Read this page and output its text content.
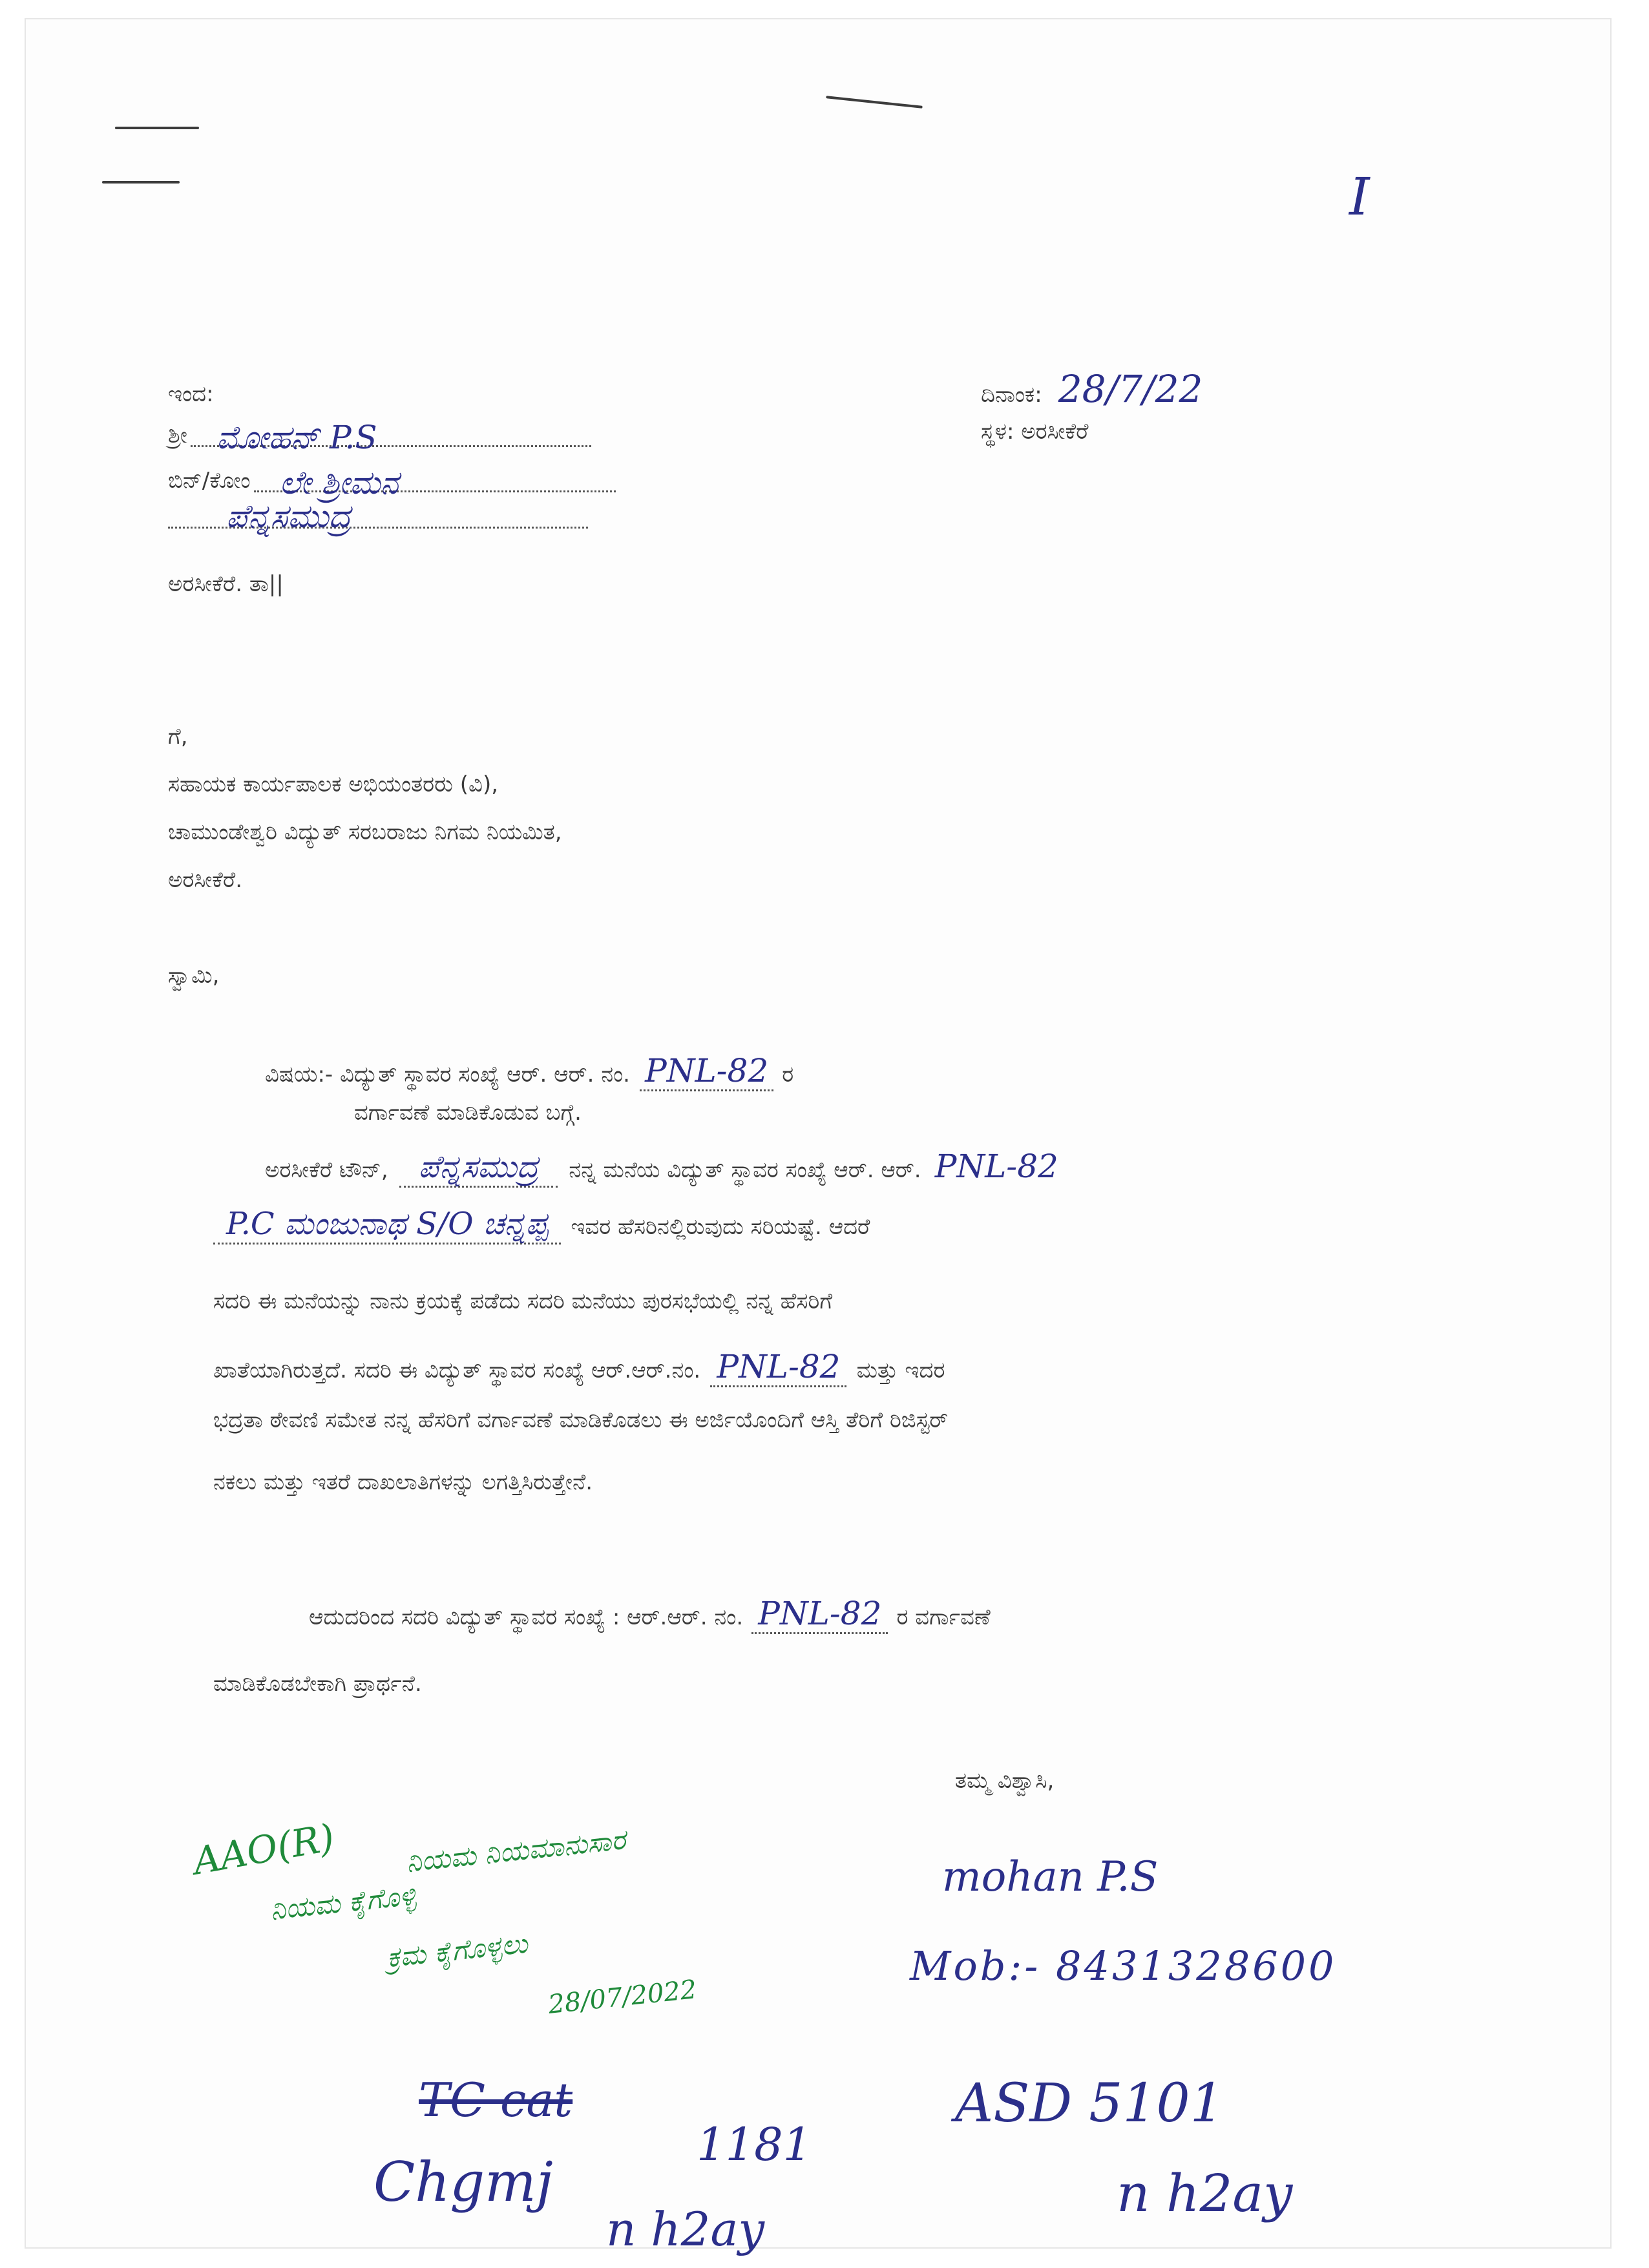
I
ಇಂದ:
ಶ್ರೀ ಮೋಹನ್ P.S

ಬಿನ್/ಕೋಂ ಲೇ ಶ್ರೀಮನ

ಪೆನ್ನಸಮುದ್ರ

ಅರಸೀಕೆರೆ. ತಾ||
ದಿನಾಂಕ: 28/7/22
ಸ್ಥಳ: ಅರಸೀಕೆರೆ
ಗೆ,
ಸಹಾಯಕ ಕಾರ್ಯಪಾಲಕ ಅಭಿಯಂತರರು (ವಿ),
ಚಾಮುಂಡೇಶ್ವರಿ ವಿದ್ಯುತ್ ಸರಬರಾಜು ನಿಗಮ ನಿಯಮಿತ,
ಅರಸೀಕೆರೆ.
ಸ್ವಾಮಿ,
ವಿಷಯ:- ವಿದ್ಯುತ್ ಸ್ಥಾವರ ಸಂಖ್ಯೆ ಆರ್. ಆರ್. ನಂ. PNL-82 ರ
ವರ್ಗಾವಣೆ ಮಾಡಿಕೊಡುವ ಬಗ್ಗೆ.
ಅರಸೀಕೆರೆ ಟೌನ್, ಪೆನ್ನಸಮುದ್ರ ನನ್ನ ಮನೆಯ ವಿದ್ಯುತ್ ಸ್ಥಾವರ ಸಂಖ್ಯೆ ಆರ್. ಆರ್. PNL-82
P.C ಮಂಜುನಾಥ S/O ಚನ್ನಪ್ಪ ಇವರ ಹೆಸರಿನಲ್ಲಿರುವುದು ಸರಿಯಷ್ಟೆ. ಆದರೆ
ಸದರಿ ಈ ಮನೆಯನ್ನು ನಾನು ಕ್ರಯಕ್ಕೆ ಪಡೆದು ಸದರಿ ಮನೆಯು ಪುರಸಭೆಯಲ್ಲಿ ನನ್ನ ಹೆಸರಿಗೆ
ಖಾತೆಯಾಗಿರುತ್ತದೆ. ಸದರಿ ಈ ವಿದ್ಯುತ್ ಸ್ಥಾವರ ಸಂಖ್ಯೆ ಆರ್.ಆರ್.ನಂ. PNL-82 ಮತ್ತು ಇದರ
ಭದ್ರತಾ ಠೇವಣಿ ಸಮೇತ ನನ್ನ ಹೆಸರಿಗೆ ವರ್ಗಾವಣೆ ಮಾಡಿಕೊಡಲು ಈ ಅರ್ಜಿಯೊಂದಿಗೆ ಆಸ್ತಿ ತೆರಿಗೆ ರಿಜಿಸ್ಟರ್
ನಕಲು ಮತ್ತು ಇತರೆ ದಾಖಲಾತಿಗಳನ್ನು ಲಗತ್ತಿಸಿರುತ್ತೇನೆ.
ಆದುದರಿಂದ ಸದರಿ ವಿದ್ಯುತ್ ಸ್ಥಾವರ ಸಂಖ್ಯೆ : ಆರ್.ಆರ್. ನಂ. PNL-82 ರ ವರ್ಗಾವಣೆ
ಮಾಡಿಕೊಡಬೇಕಾಗಿ ಪ್ರಾರ್ಥನೆ.
ತಮ್ಮ ವಿಶ್ವಾಸಿ,
mohan P.S
Mob:- 8431328600
AAO(R) ನಿಯಮ ನಿಯಮಾನುಸಾರ
ನಿಯಮ ಕೈಗೊಳ್ಳಿ
ಕ್ರಮ ಕೈಗೊಳ್ಳಲು
28/07/2022
TC cat
Chgmj
1181
ASD 5101
n h2ay
n h2ay
